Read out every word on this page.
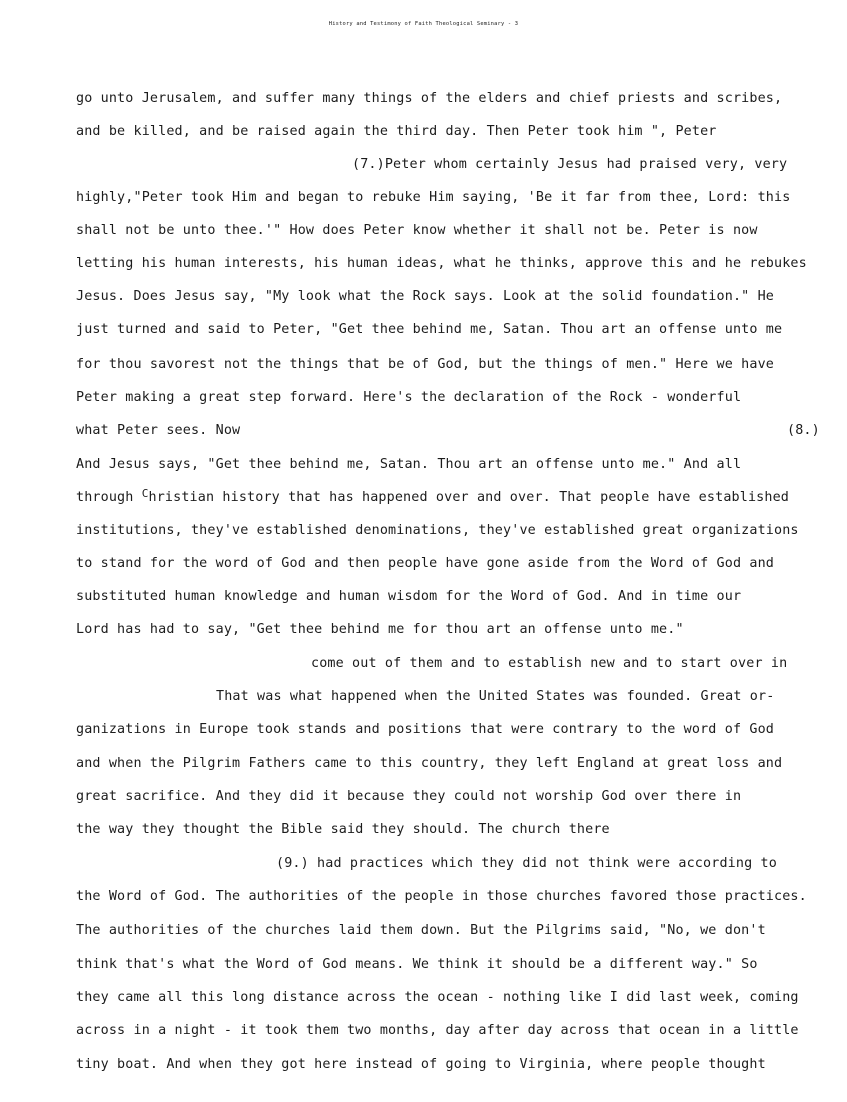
History and Testimony of Faith Theological Seminary - 3
go unto Jerusalem, and suffer many things of the elders and chief priests and scribes,
and be killed, and be raised again the third day. Then Peter took him ", Peter
(7.)Peter whom certainly Jesus had praised very, very
highly,"Peter took Him and began to rebuke Him saying, 'Be it far from thee, Lord: this
shall not be unto thee.'" How does Peter know whether it shall not be. Peter is now
letting his human interests, his human ideas, what he thinks, approve this and he rebukes
Jesus. Does Jesus say, "My look what the Rock says. Look at the solid foundation." He
just turned and said to Peter, "Get thee behind me, Satan. Thou art an offense unto me
for thou savorest not the things that be of God, but the things of men." Here we have
Peter making a great step forward. Here's the declaration of the Rock - wonderful
what Peter sees. Now	(8.)
And Jesus says, "Get thee behind me, Satan. Thou art an offense unto me." And all
through $^C$hristian history that has happened over and over. That people have established
institutions, they've established denominations, they've established great organizations
to stand for the word of God and then people have gone aside from the Word of God and
substituted human knowledge and human wisdom for the Word of God. And in time our
Lord has had to say, "Get thee behind me for thou art an offense unto me."
come out of them and to establish new and to start over in
That was what happened when the United States was founded. Great or-
ganizations in Europe took stands and positions that were contrary to the word of God
and when the Pilgrim Fathers came to this country, they left England at great loss and
great sacrifice. And they did it because they could not worship God over there in
the way they thought the Bible said they should. The church there
(9.) had practices which they did not think were according to
the Word of God. The authorities of the people in those churches favored those practices.
The authorities of the churches laid them down. But the Pilgrims said, "No, we don't
think that's what the Word of God means. We think it should be a different way." So
they came all this long distance across the ocean - nothing like I did last week, coming
across in a night - it took them two months, day after day across that ocean in a little
tiny boat. And when they got here instead of going to Virginia, where people thought
